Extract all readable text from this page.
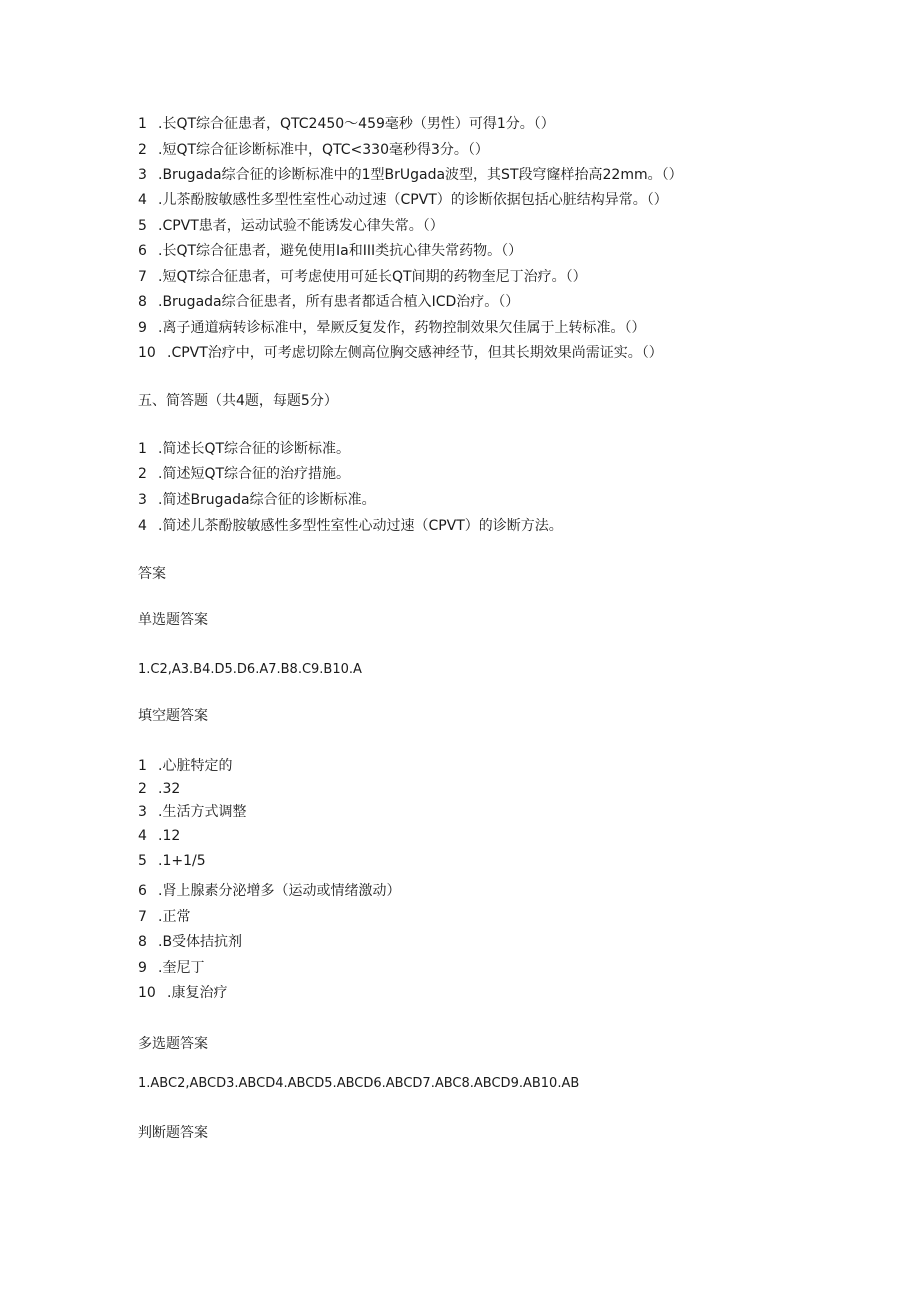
1 .长QT综合征患者，QTC2450～459毫秒（男性）可得1分。（）
2 .短QT综合征诊断标准中，QTC<330毫秒得3分。（）
3 .Brugada综合征的诊断标准中的1型BrUgada波型，其ST段穹窿样抬高22mm。（）
4 .儿茶酚胺敏感性多型性室性心动过速（CPVT）的诊断依据包括心脏结构异常。（）
5 .CPVT患者，运动试验不能诱发心律失常。（）
6 .长QT综合征患者，避免使用Ia和III类抗心律失常药物。（）
7 .短QT综合征患者，可考虑使用可延长QT间期的药物奎尼丁治疗。（）
8 .Brugada综合征患者，所有患者都适合植入ICD治疗。（）
9 .离子通道病转诊标准中，晕厥反复发作，药物控制效果欠佳属于上转标准。（）
10 .CPVT治疗中，可考虑切除左侧高位胸交感神经节，但其长期效果尚需证实。（）
五、简答题（共4题，每题5分）
1 .简述长QT综合征的诊断标准。
2 .简述短QT综合征的治疗措施。
3 .简述Brugada综合征的诊断标准。
4 .简述儿茶酚胺敏感性多型性室性心动过速（CPVT）的诊断方法。
答案
单选题答案
1.C2,A3.B4.D5.D6.A7.B8.C9.B10.A
填空题答案
1 .心脏特定的
2 .32
3 .生活方式调整
4 .12
5 .1+1/5
6 .肾上腺素分泌增多（运动或情绪激动）
7 .正常
8 .B受体拮抗剂
9 .奎尼丁
10 .康复治疗
多选题答案
1.ABC2,ABCD3.ABCD4.ABCD5.ABCD6.ABCD7.ABC8.ABCD9.AB10.AB
判断题答案
